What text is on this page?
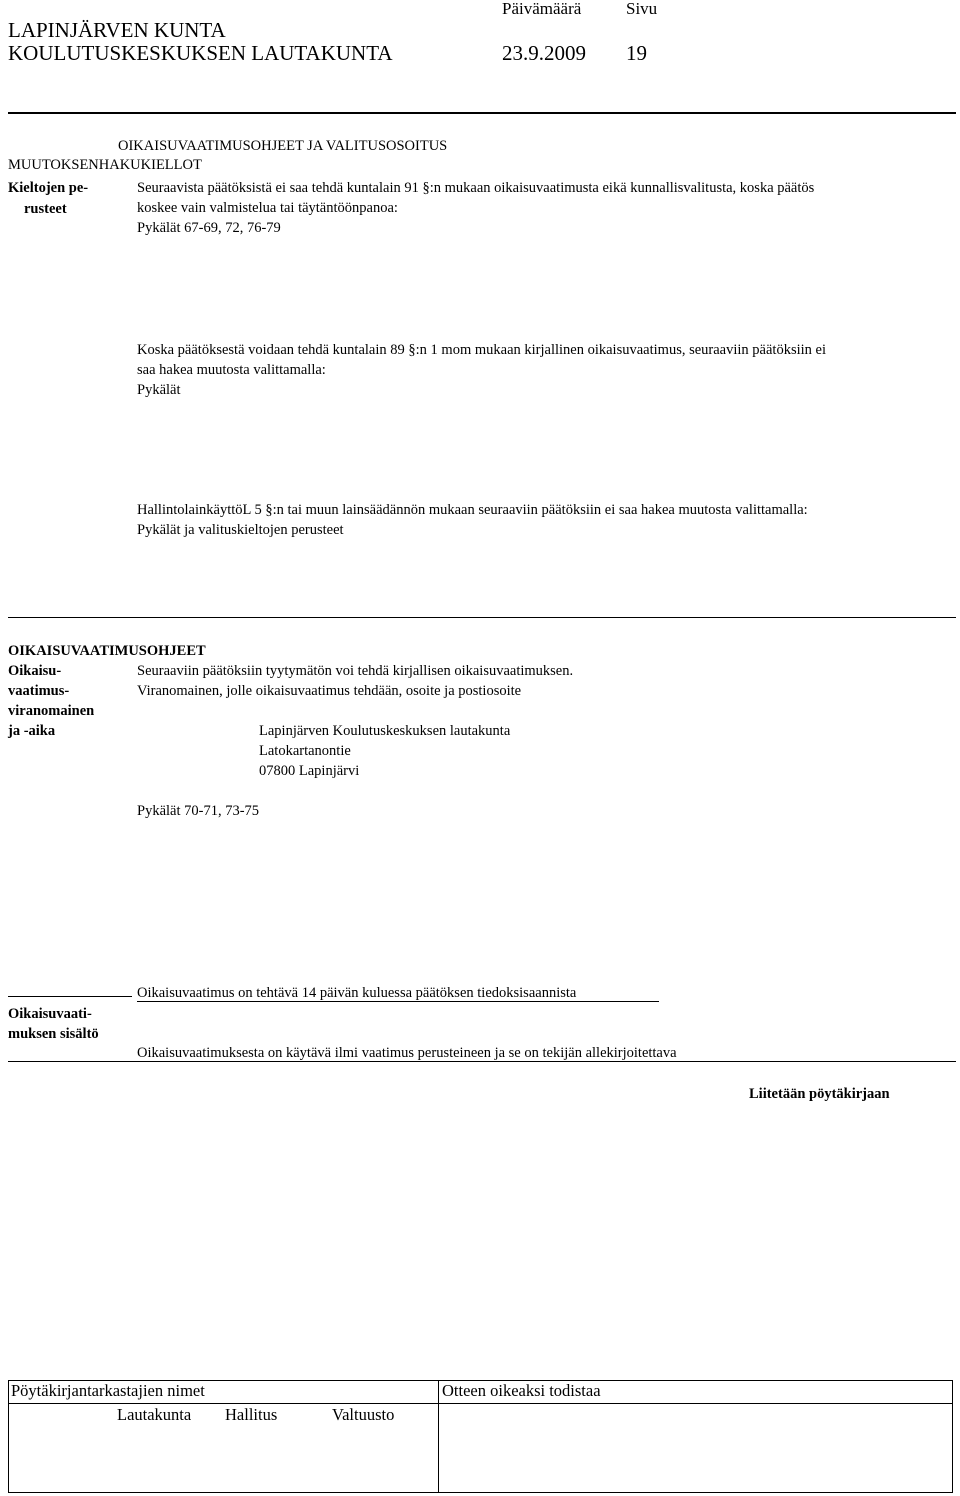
LAPINJÄRVEN KUNTA
KOULUTUSKESKUKSEN LAUTAKUNTA
Päivämäärä	Sivu
23.9.2009 19
OIKAISUVAATIMUSOHJEET JA VALITUSOSOITUS
MUUTOKSENHAKUKIELLOT
Kieltojen pe-
rusteet
Seuraavista päätöksistä ei saa tehdä kuntalain 91 §:n mukaan oikaisuvaatimusta eikä kunnallisvalitusta, koska päätös
koskee vain valmistelua tai täytäntöönpanoa:
Pykälät 67-69, 72, 76-79
Koska päätöksestä voidaan tehdä kuntalain 89 §:n 1 mom mukaan kirjallinen oikaisuvaatimus, seuraaviin päätöksiin ei
saa hakea muutosta valittamalla:
Pykälät
HallintolainkäyttöL 5 §:n tai muun lainsäädännön mukaan seuraaviin päätöksiin ei saa hakea muutosta valittamalla:
Pykälät ja valituskieltojen perusteet
OIKAISUVAATIMUSOHJEET
Oikaisu-
vaatimus-
viranomainen
ja -aika
Seuraaviin päätöksiin tyytymätön voi tehdä kirjallisen oikaisuvaatimuksen.
Viranomainen, jolle oikaisuvaatimus tehdään, osoite ja postiosoite
Lapinjärven Koulutuskeskuksen lautakunta
Latokartanontie
07800 Lapinjärvi
Pykälät 70-71, 73-75
Oikaisuvaatimus on tehtävä 14 päivän kuluessa päätöksen tiedoksisaannista
Oikaisuvaati-
muksen sisältö
Oikaisuvaatimuksesta on käytävä ilmi vaatimus perusteineen ja se on tekijän allekirjoitettava
Liitetään pöytäkirjaan
Pöytäkirjantarkastajien nimet	Otteen oikeaksi todistaa
Lautakunta Hallitus	Valtuusto
